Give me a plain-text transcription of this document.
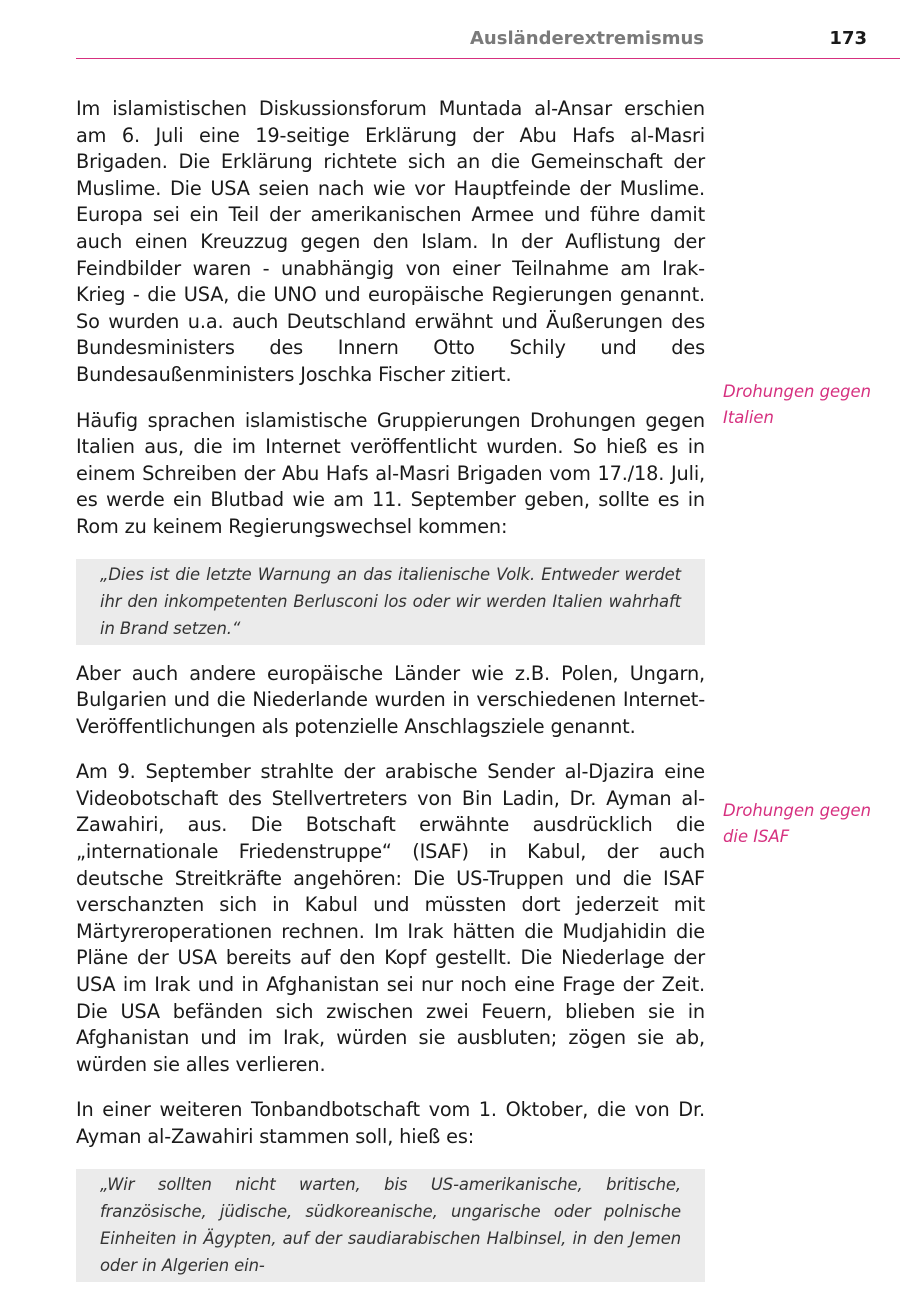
Ausländerextremismus	173

Im islamistischen Diskussionsforum Muntada al-Ansar erschien am 6. Juli eine 19-seitige Erklärung der Abu Hafs al-Masri Brigaden. Die Erklärung richtete sich an die Gemeinschaft der Muslime. Die USA seien nach wie vor Hauptfeinde der Muslime. Europa sei ein Teil der amerikanischen Armee und führe damit auch einen Kreuzzug gegen den Islam. In der Auflistung der Feindbilder waren - unabhängig von einer Teilnahme am Irak-Krieg - die USA, die UNO und europäische Regierungen genannt. So wurden u.a. auch Deutschland erwähnt und Äußerungen des Bundesministers des Innern Otto Schily und des Bundesaußenministers Joschka Fischer zitiert.

Häufig sprachen islamistische Gruppierungen Drohungen gegen Italien aus, die im Internet veröffentlicht wurden. So hieß es in einem Schreiben der Abu Hafs al-Masri Brigaden vom 17./18. Juli, es werde ein Blutbad wie am 11. September geben, sollte es in Rom zu keinem Regierungswechsel kommen:

„Dies ist die letzte Warnung an das italienische Volk. Entweder werdet ihr den inkompetenten Berlusconi los oder wir werden Italien wahrhaft in Brand setzen.“

Aber auch andere europäische Länder wie z.B. Polen, Ungarn, Bulgarien und die Niederlande wurden in verschiedenen Internet-Veröffentlichungen als potenzielle Anschlagsziele genannt.

Am 9. September strahlte der arabische Sender al-Djazira eine Videobotschaft des Stellvertreters von Bin Ladin, Dr. Ayman al-Zawahiri, aus. Die Botschaft erwähnte ausdrücklich die „internationale Friedenstruppe“ (ISAF) in Kabul, der auch deutsche Streitkräfte angehören: Die US-Truppen und die ISAF verschanzten sich in Kabul und müssten dort jederzeit mit Märtyreroperationen rechnen. Im Irak hätten die Mudjahidin die Pläne der USA bereits auf den Kopf gestellt. Die Niederlage der USA im Irak und in Afghanistan sei nur noch eine Frage der Zeit. Die USA befänden sich zwischen zwei Feuern, blieben sie in Afghanistan und im Irak, würden sie ausbluten; zögen sie ab, würden sie alles verlieren.

In einer weiteren Tonbandbotschaft vom 1. Oktober, die von Dr. Ayman al-Zawahiri stammen soll, hieß es:

„Wir sollten nicht warten, bis US-amerikanische, britische, französische, jüdische, südkoreanische, ungarische oder polnische Einheiten in Ägypten, auf der saudiarabischen Halbinsel, in den Jemen oder in Algerien ein-
Drohungen gegen Italien
Drohungen gegen die ISAF
